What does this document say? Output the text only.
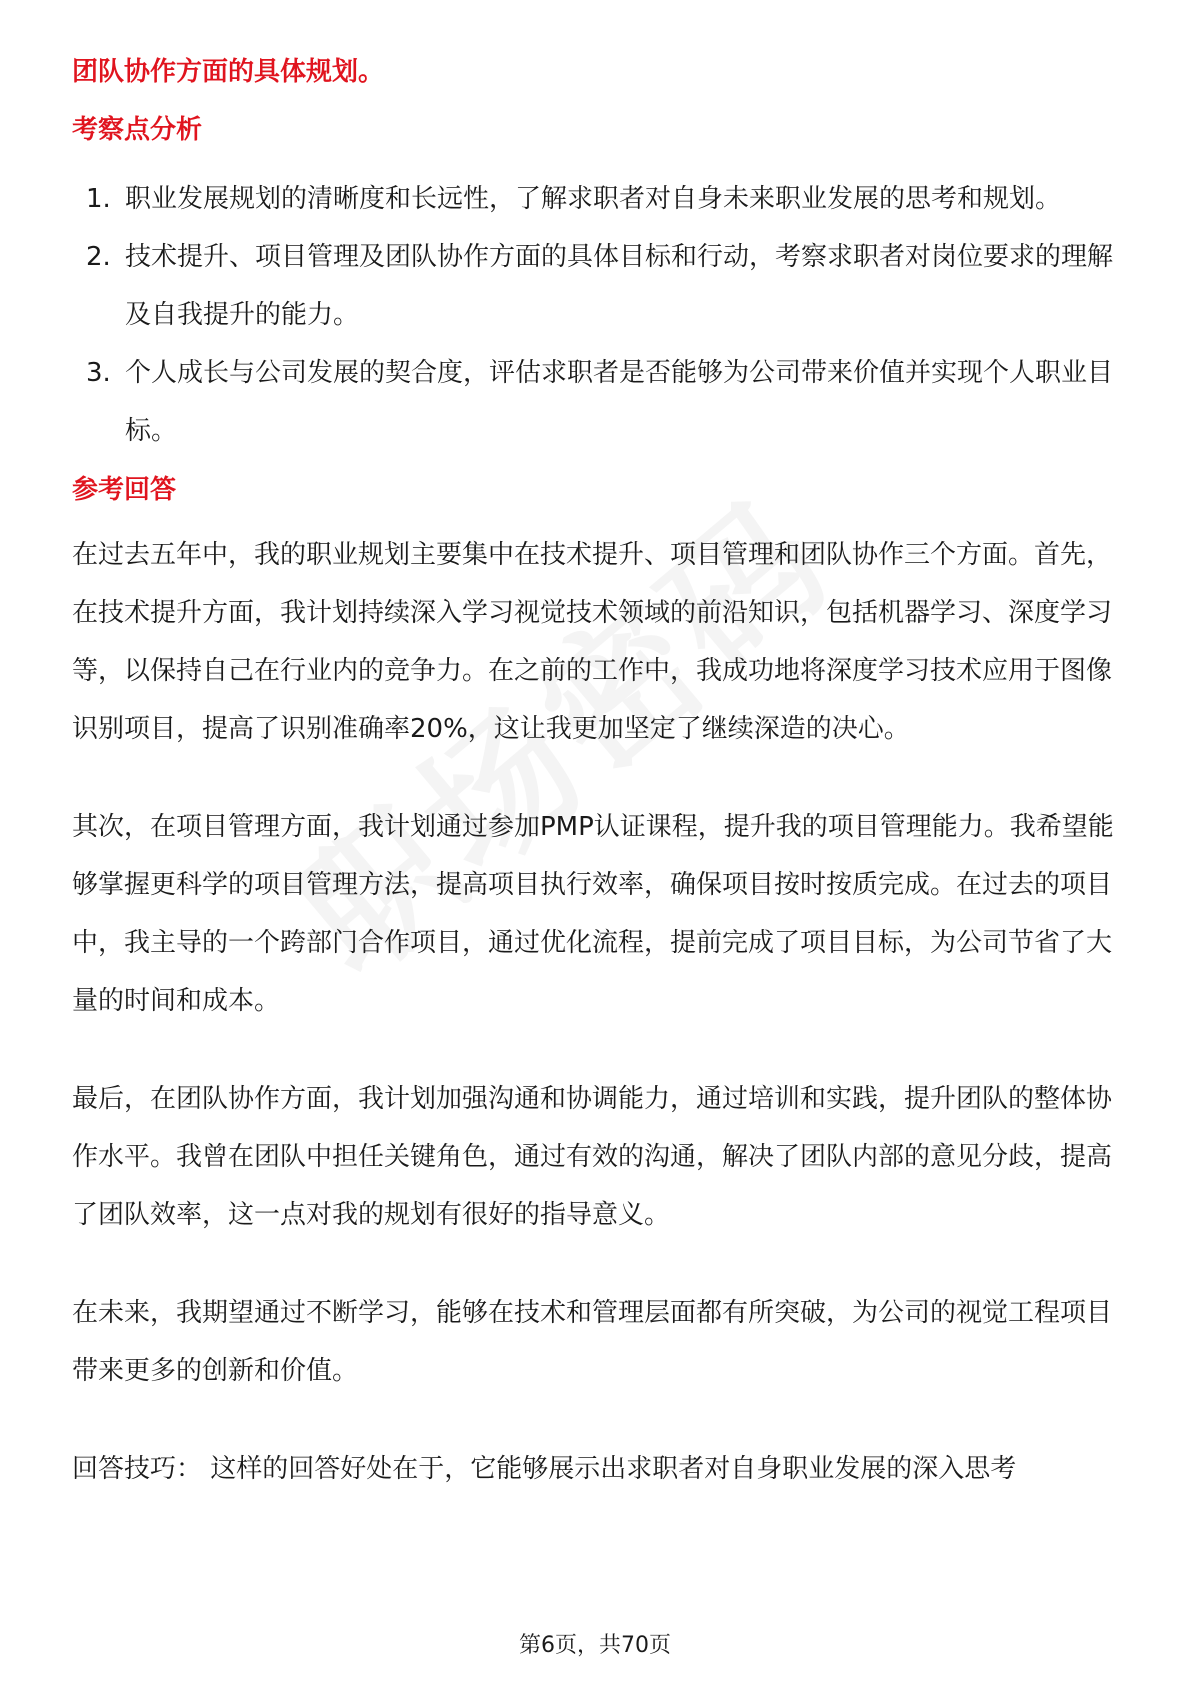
团队协作方面的具体规划。

考察点分析

1. 职业发展规划的清晰度和长远性，了解求职者对自身未来职业发展的思考和规划。
2. 技术提升、项目管理及团队协作方面的具体目标和行动，考察求职者对岗位要求的理解及自我提升的能力。
3. 个人成长与公司发展的契合度，评估求职者是否能够为公司带来价值并实现个人职业目标。

参考回答

在过去五年中，我的职业规划主要集中在技术提升、项目管理和团队协作三个方面。首先，在技术提升方面，我计划持续深入学习视觉技术领域的前沿知识，包括机器学习、深度学习等，以保持自己在行业内的竞争力。在之前的工作中，我成功地将深度学习技术应用于图像识别项目，提高了识别准确率20%，这让我更加坚定了继续深造的决心。

其次，在项目管理方面，我计划通过参加PMP认证课程，提升我的项目管理能力。我希望能够掌握更科学的项目管理方法，提高项目执行效率，确保项目按时按质完成。在过去的项目中，我主导的一个跨部门合作项目，通过优化流程，提前完成了项目目标，为公司节省了大量的时间和成本。

最后，在团队协作方面，我计划加强沟通和协调能力，通过培训和实践，提升团队的整体协作水平。我曾在团队中担任关键角色，通过有效的沟通，解决了团队内部的意见分歧，提高了团队效率，这一点对我的规划有很好的指导意义。

在未来，我期望通过不断学习，能够在技术和管理层面都有所突破，为公司的视觉工程项目带来更多的创新和价值。

回答技巧： 这样的回答好处在于，它能够展示出求职者对自身职业发展的深入思考

第6页，共70页
